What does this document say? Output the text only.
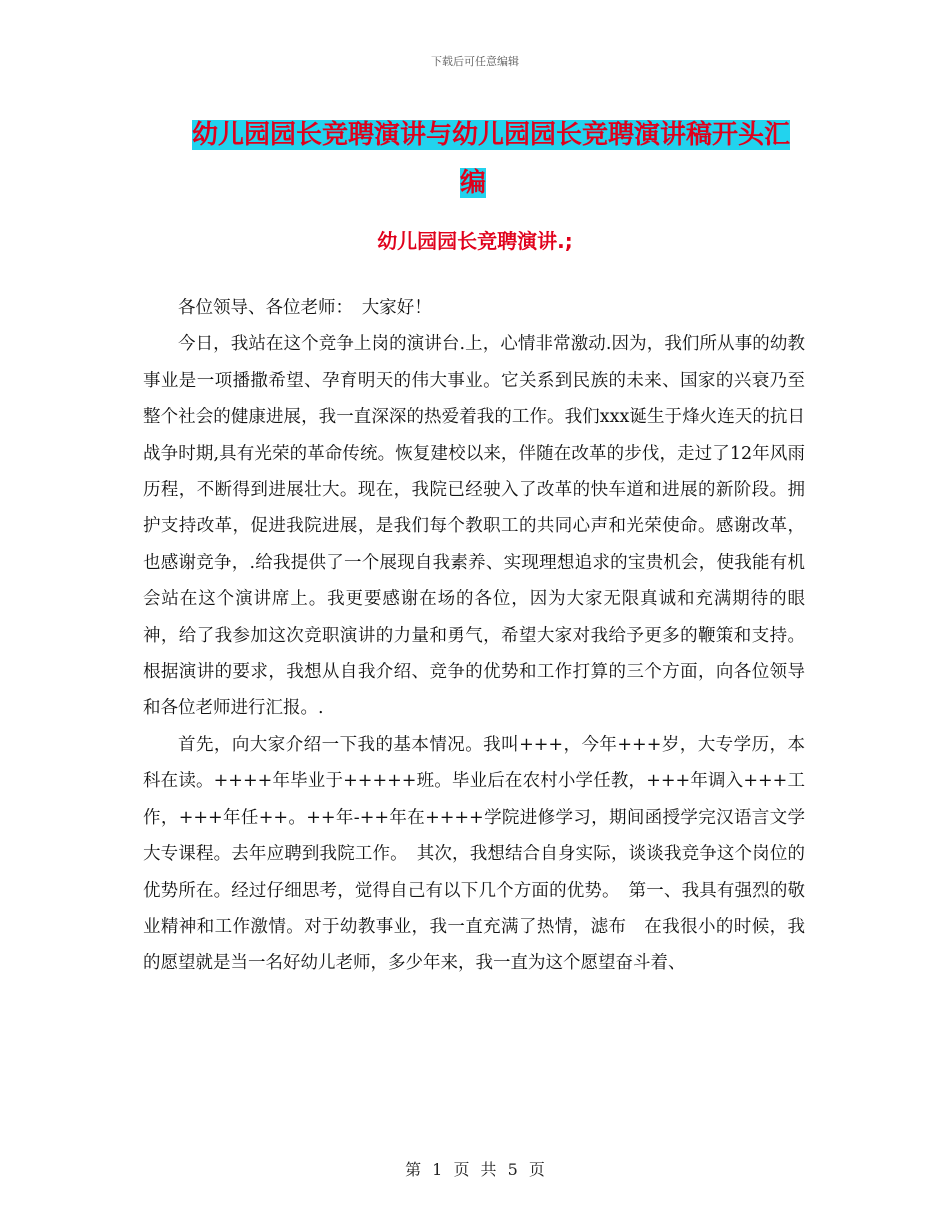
下载后可任意编辑
幼儿园园长竞聘演讲与幼儿园园长竞聘演讲稿开头汇
编
幼儿园园长竞聘演讲.;

各位领导、各位老师：　大家好！

今日，我站在这个竞争上岗的演讲台.上，心情非常激动.因为，我们所从事的幼教事业是一项播撒希望、孕育明天的伟大事业。它关系到民族的未来、国家的兴衰乃至整个社会的健康进展，我一直深深的热爱着我的工作。我们xxx诞生于烽火连天的抗日战争时期,具有光荣的革命传统。恢复建校以来，伴随在改革的步伐，走过了12年风雨历程，不断得到进展壮大。现在，我院已经驶入了改革的快车道和进展的新阶段。拥护支持改革，促进我院进展，是我们每个教职工的共同心声和光荣使命。感谢改革，也感谢竞争，.给我提供了一个展现自我素养、实现理想追求的宝贵机会，使我能有机会站在这个演讲席上。我更要感谢在场的各位，因为大家无限真诚和充满期待的眼神，给了我参加这次竞职演讲的力量和勇气，希望大家对我给予更多的鞭策和支持。根据演讲的要求，我想从自我介绍、竞争的优势和工作打算的三个方面，向各位领导和各位老师进行汇报。.

首先，向大家介绍一下我的基本情况。我叫+++，今年+++岁，大专学历，本科在读。++++年毕业于+++++班。毕业后在农村小学任教，+++年调入+++工作，+++年任++。++年-++年在++++学院进修学习，期间函授学完汉语言文学大专课程。去年应聘到我院工作。　其次，我想结合自身实际，谈谈我竞争这个岗位的优势所在。经过仔细思考，觉得自己有以下几个方面的优势。　第一、我具有强烈的敬业精神和工作激情。对于幼教事业，我一直充满了热情，滤布　在我很小的时候，我的愿望就是当一名好幼儿老师，多少年来，我一直为这个愿望奋斗着、

第 1 页 共 5 页
